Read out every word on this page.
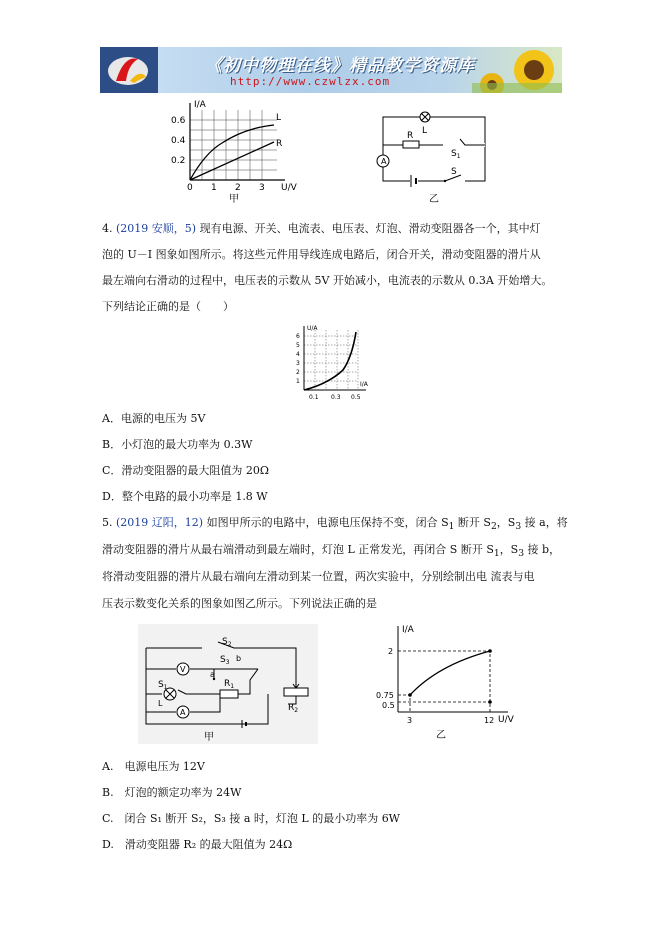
《初中物理在线》精品教学资源库
http://www.czwlzx.com
I/A
U/V
0.6
0.4
0.2
0 1 2 3
L
R
甲
A
L
R
$S_1$
S
乙
4. (2019 安顺，5) 现有电源、开关、电流表、电压表、灯泡、滑动变阻器各一个，其中灯
泡的 U－I 图象如图所示。将这些元件用导线连成电路后，闭合开关，滑动变阻器的滑片从
最左端向右滑动的过程中，电压表的示数从 5V 开始减小，电流表的示数从 0.3A 开始增大。
下列结论正确的是（　　）
U/A
I/A
6
5
4
3
2
1
0.1 0.3 0.5
A．电源的电压为 5V
B．小灯泡的最大功率为 0.3W
C．滑动变阻器的最大阻值为 20Ω
D．整个电路的最小功率是 1.8 W
5. (2019 辽阳，12) 如图甲所示的电路中，电源电压保持不变，闭合 $S_1$ 断开 $S_2$，$S_3$ 接 a，将
滑动变阻器的滑片从最右端滑动到最左端时，灯泡 L 正常发光，再闭合 S 断开 $S_1$，$S_3$ 接 b，
将滑动变阻器的滑片从最右端向左滑动到某一位置，两次实验中，分别绘制出电 流表与电
压表示数变化关系的图象如图乙所示。下列说法正确的是
V
A
$S_2$
$S_3$ b
a
$S_1$	$R_1$
$R_2$
L
甲
I/A
U/V
2
0.75
0.5
3	12
乙
A.　电源电压为 12V
B.　灯泡的额定功率为 24W
C.　闭合 S₁ 断开 S₂，S₃ 接 a 时，灯泡 L 的最小功率为 6W
D.　滑动变阻器 R₂ 的最大阻值为 24Ω
